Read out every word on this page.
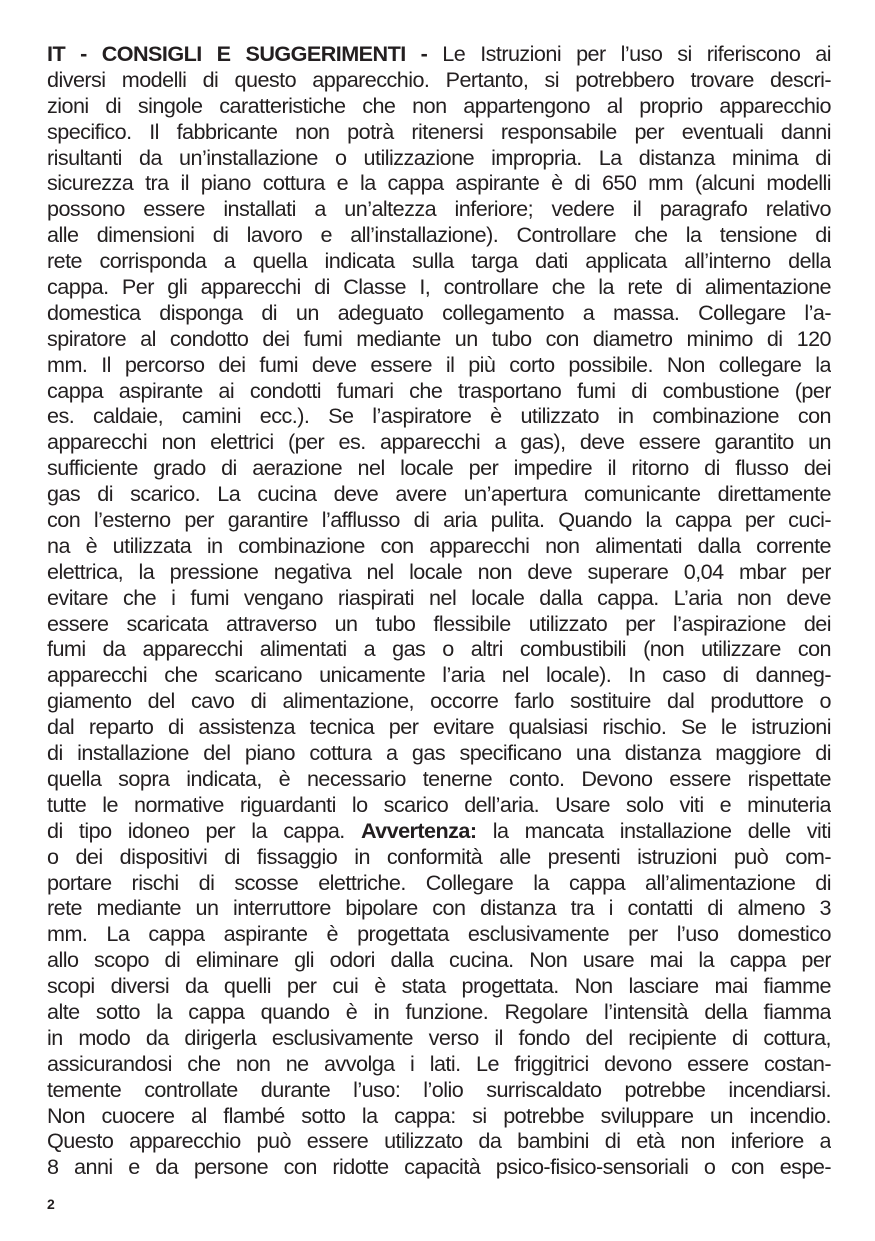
IT - CONSIGLI E SUGGERIMENTI - Le Istruzioni per l’uso si riferiscono ai
diversi modelli di questo apparecchio. Pertanto, si potrebbero trovare descri-
zioni di singole caratteristiche che non appartengono al proprio apparecchio
specifico. Il fabbricante non potrà ritenersi responsabile per eventuali danni
risultanti da un’installazione o utilizzazione impropria. La distanza minima di
sicurezza tra il piano cottura e la cappa aspirante è di 650 mm (alcuni modelli
possono essere installati a un’altezza inferiore; vedere il paragrafo relativo
alle dimensioni di lavoro e all’installazione). Controllare che la tensione di
rete corrisponda a quella indicata sulla targa dati applicata all’interno della
cappa. Per gli apparecchi di Classe I, controllare che la rete di alimentazione
domestica disponga di un adeguato collegamento a massa. Collegare l’a-
spiratore al condotto dei fumi mediante un tubo con diametro minimo di 120
mm. Il percorso dei fumi deve essere il più corto possibile. Non collegare la
cappa aspirante ai condotti fumari che trasportano fumi di combustione (per
es. caldaie, camini ecc.). Se l’aspiratore è utilizzato in combinazione con
apparecchi non elettrici (per es. apparecchi a gas), deve essere garantito un
sufficiente grado di aerazione nel locale per impedire il ritorno di flusso dei
gas di scarico. La cucina deve avere un’apertura comunicante direttamente
con l’esterno per garantire l’afflusso di aria pulita. Quando la cappa per cuci-
na è utilizzata in combinazione con apparecchi non alimentati dalla corrente
elettrica, la pressione negativa nel locale non deve superare 0,04 mbar per
evitare che i fumi vengano riaspirati nel locale dalla cappa. L’aria non deve
essere scaricata attraverso un tubo flessibile utilizzato per l’aspirazione dei
fumi da apparecchi alimentati a gas o altri combustibili (non utilizzare con
apparecchi che scaricano unicamente l’aria nel locale). In caso di danneg-
giamento del cavo di alimentazione, occorre farlo sostituire dal produttore o
dal reparto di assistenza tecnica per evitare qualsiasi rischio. Se le istruzioni
di installazione del piano cottura a gas specificano una distanza maggiore di
quella sopra indicata, è necessario tenerne conto. Devono essere rispettate
tutte le normative riguardanti lo scarico dell’aria. Usare solo viti e minuteria
di tipo idoneo per la cappa. Avvertenza: la mancata installazione delle viti
o dei dispositivi di fissaggio in conformità alle presenti istruzioni può com-
portare rischi di scosse elettriche. Collegare la cappa all’alimentazione di
rete mediante un interruttore bipolare con distanza tra i contatti di almeno 3
mm. La cappa aspirante è progettata esclusivamente per l’uso domestico
allo scopo di eliminare gli odori dalla cucina. Non usare mai la cappa per
scopi diversi da quelli per cui è stata progettata. Non lasciare mai fiamme
alte sotto la cappa quando è in funzione. Regolare l’intensità della fiamma
in modo da dirigerla esclusivamente verso il fondo del recipiente di cottura,
assicurandosi che non ne avvolga i lati. Le friggitrici devono essere costan-
temente controllate durante l’uso: l’olio surriscaldato potrebbe incendiarsi.
Non cuocere al flambé sotto la cappa: si potrebbe sviluppare un incendio.
Questo apparecchio può essere utilizzato da bambini di età non inferiore a
8 anni e da persone con ridotte capacità psico-fisico-sensoriali o con espe-
2
